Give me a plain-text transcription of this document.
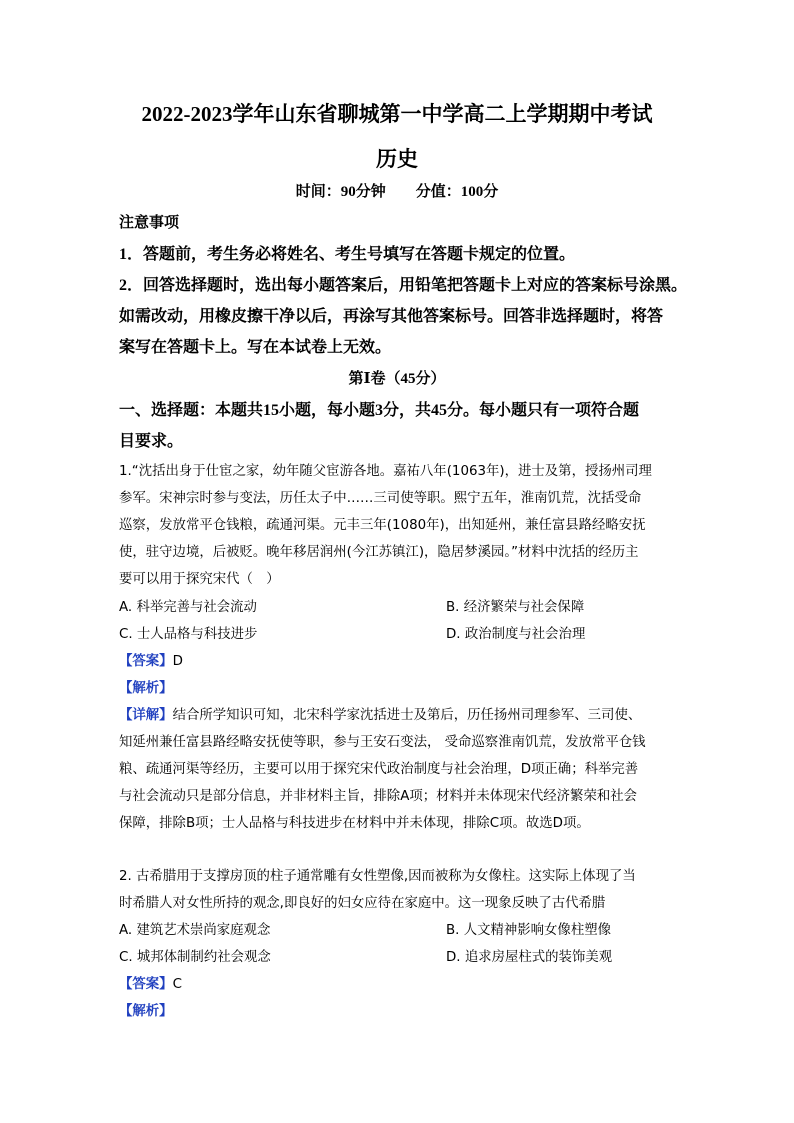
2022-2023学年山东省聊城第一中学高二上学期期中考试
历史
时间：90分钟　　分值：100分
注意事项
1．答题前，考生务必将姓名、考生号填写在答题卡规定的位置。
2．回答选择题时，选出每小题答案后，用铅笔把答题卡上对应的答案标号涂黑。
如需改动，用橡皮擦干净以后，再涂写其他答案标号。回答非选择题时，将答
案写在答题卡上。写在本试卷上无效。
第Ⅰ卷（45分）
一、选择题：本题共15小题，每小题3分，共45分。每小题只有一项符合题
目要求。
1.“沈括出身于仕宦之家，幼年随父宦游各地。嘉祐八年(1063年)，进士及第，授扬州司理
参军。宋神宗时参与变法，历任太子中……三司使等职。熙宁五年，淮南饥荒，沈括受命
巡察，发放常平仓钱粮，疏通河渠。元丰三年(1080年)，出知延州，兼任富县路经略安抚
使，驻守边境，后被贬。晚年移居润州(今江苏镇江)，隐居梦溪园。”材料中沈括的经历主
要可以用于探究宋代（　）
A. 科举完善与社会流动	B. 经济繁荣与社会保障
C. 士人品格与科技进步	D. 政治制度与社会治理
【答案】D
【解析】
【详解】结合所学知识可知，北宋科学家沈括进士及第后，历任扬州司理参军、三司使、
知延州兼任富县路经略安抚使等职，参与王安石变法， 受命巡察淮南饥荒，发放常平仓钱
粮、疏通河渠等经历，主要可以用于探究宋代政治制度与社会治理，D项正确；科举完善
与社会流动只是部分信息，并非材料主旨，排除A项；材料并未体现宋代经济繁荣和社会
保障，排除B项；士人品格与科技进步在材料中并未体现，排除C项。故选D项。
2. 古希腊用于支撑房顶的柱子通常雕有女性塑像,因而被称为女像柱。这实际上体现了当
时希腊人对女性所持的观念,即良好的妇女应待在家庭中。这一现象反映了古代希腊
A. 建筑艺术崇尚家庭观念	B. 人文精神影响女像柱塑像
C. 城邦体制制约社会观念	D. 追求房屋柱式的装饰美观
【答案】C
【解析】
